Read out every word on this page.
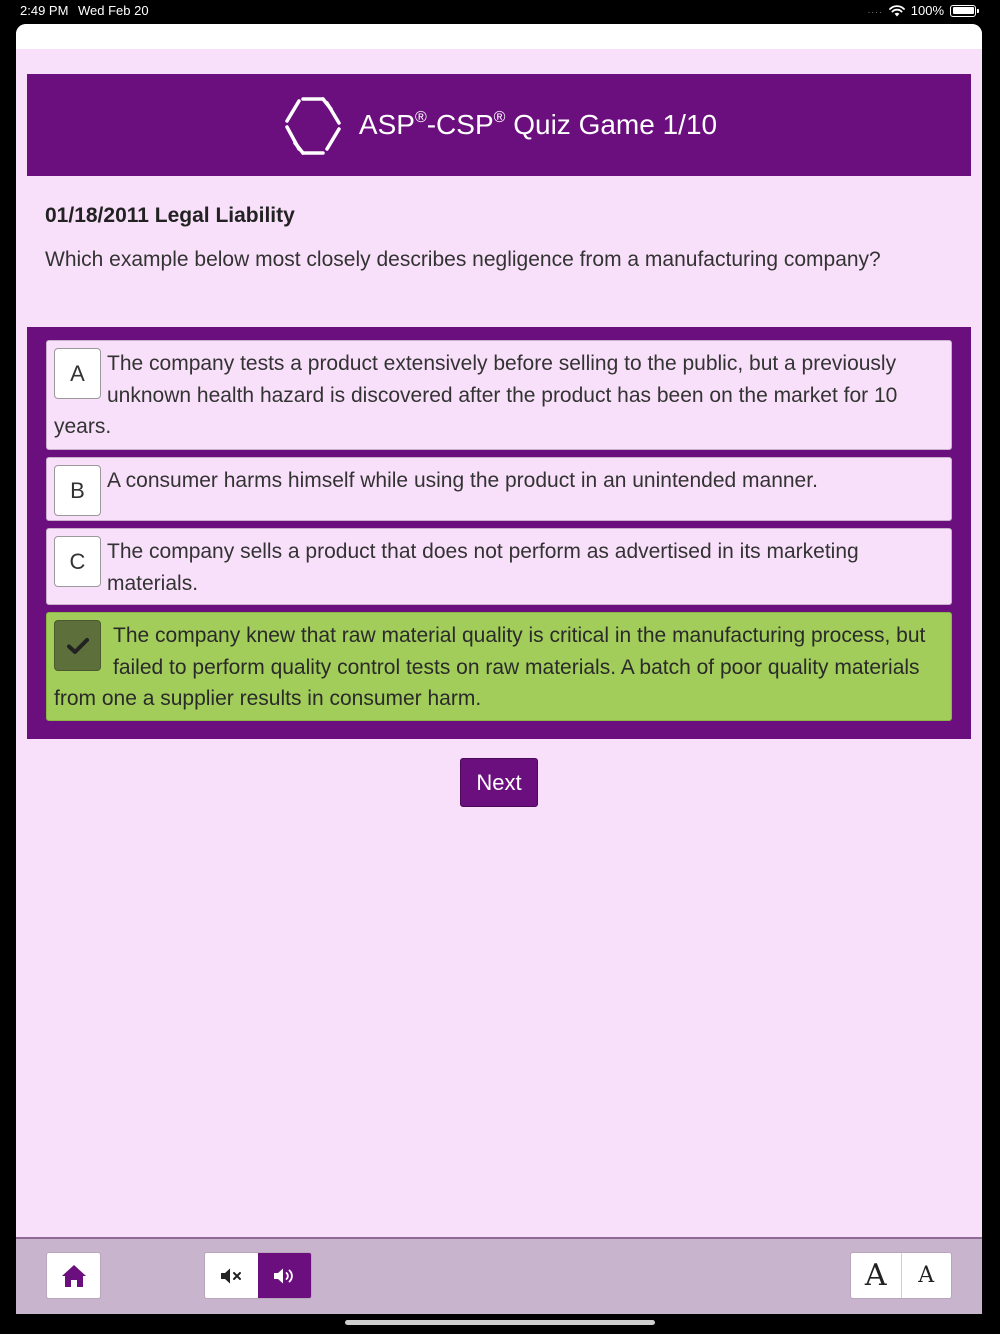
2:49 PM Wed Feb 20	.... 100%
ASP®-CSP® Quiz Game 1/10
01/18/2011 Legal Liability
Which example below most closely describes negligence from a manufacturing company?
A	The company tests a product extensively before selling to the public, but a previously unknown health hazard is discovered after the product has been on the market for 10 years.
B	A consumer harms himself while using the product in an unintended manner.
C	The company sells a product that does not perform as advertised in its marketing materials.
The company knew that raw material quality is critical in the manufacturing process, but failed to perform quality control tests on raw materials. A batch of poor quality materials from one a supplier results in consumer harm.
Next
A	A
